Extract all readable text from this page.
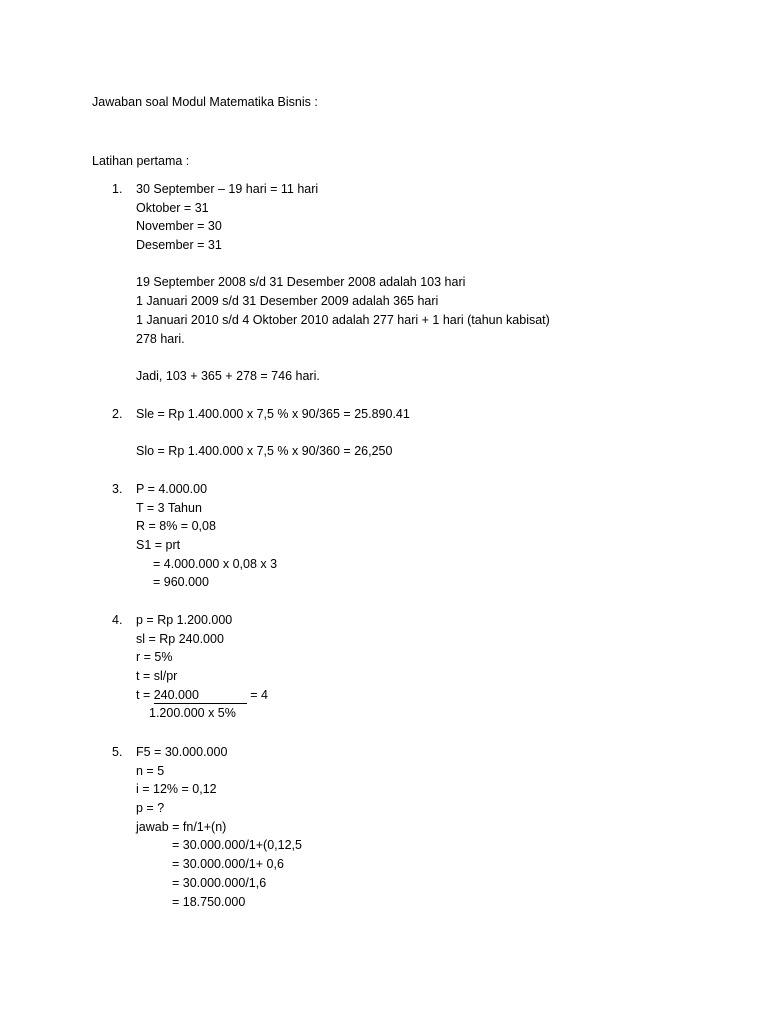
Jawaban soal Modul Matematika Bisnis :
Latihan pertama :
1. 30 September – 19 hari = 11 hari
Oktober = 31
November = 30
Desember = 31
19 September 2008 s/d 31 Desember 2008 adalah 103 hari
1 Januari 2009 s/d 31 Desember 2009 adalah 365 hari
1 Januari 2010 s/d 4 Oktober 2010 adalah 277 hari + 1 hari (tahun kabisat)
278 hari.
Jadi, 103 + 365 + 278 = 746 hari.
2. Sle = Rp 1.400.000 x 7,5 % x 90/365 = 25.890.41
Slo = Rp 1.400.000 x 7,5 % x 90/360 = 26,250
3. P = 4.000.00
T = 3 Tahun
R = 8% = 0,08
S1 = prt
= 4.000.000 x 0,08 x 3
= 960.000
4. p = Rp 1.200.000
sl = Rp 240.000
r = 5%
t = sl/pr
t = 240.000	= 4
1.200.000 x 5%
5. F5 = 30.000.000
n = 5
i = 12% = 0,12
p = ?
jawab = fn/1+(n)
= 30.000.000/1+(0,12,5
= 30.000.000/1+ 0,6
= 30.000.000/1,6
= 18.750.000
